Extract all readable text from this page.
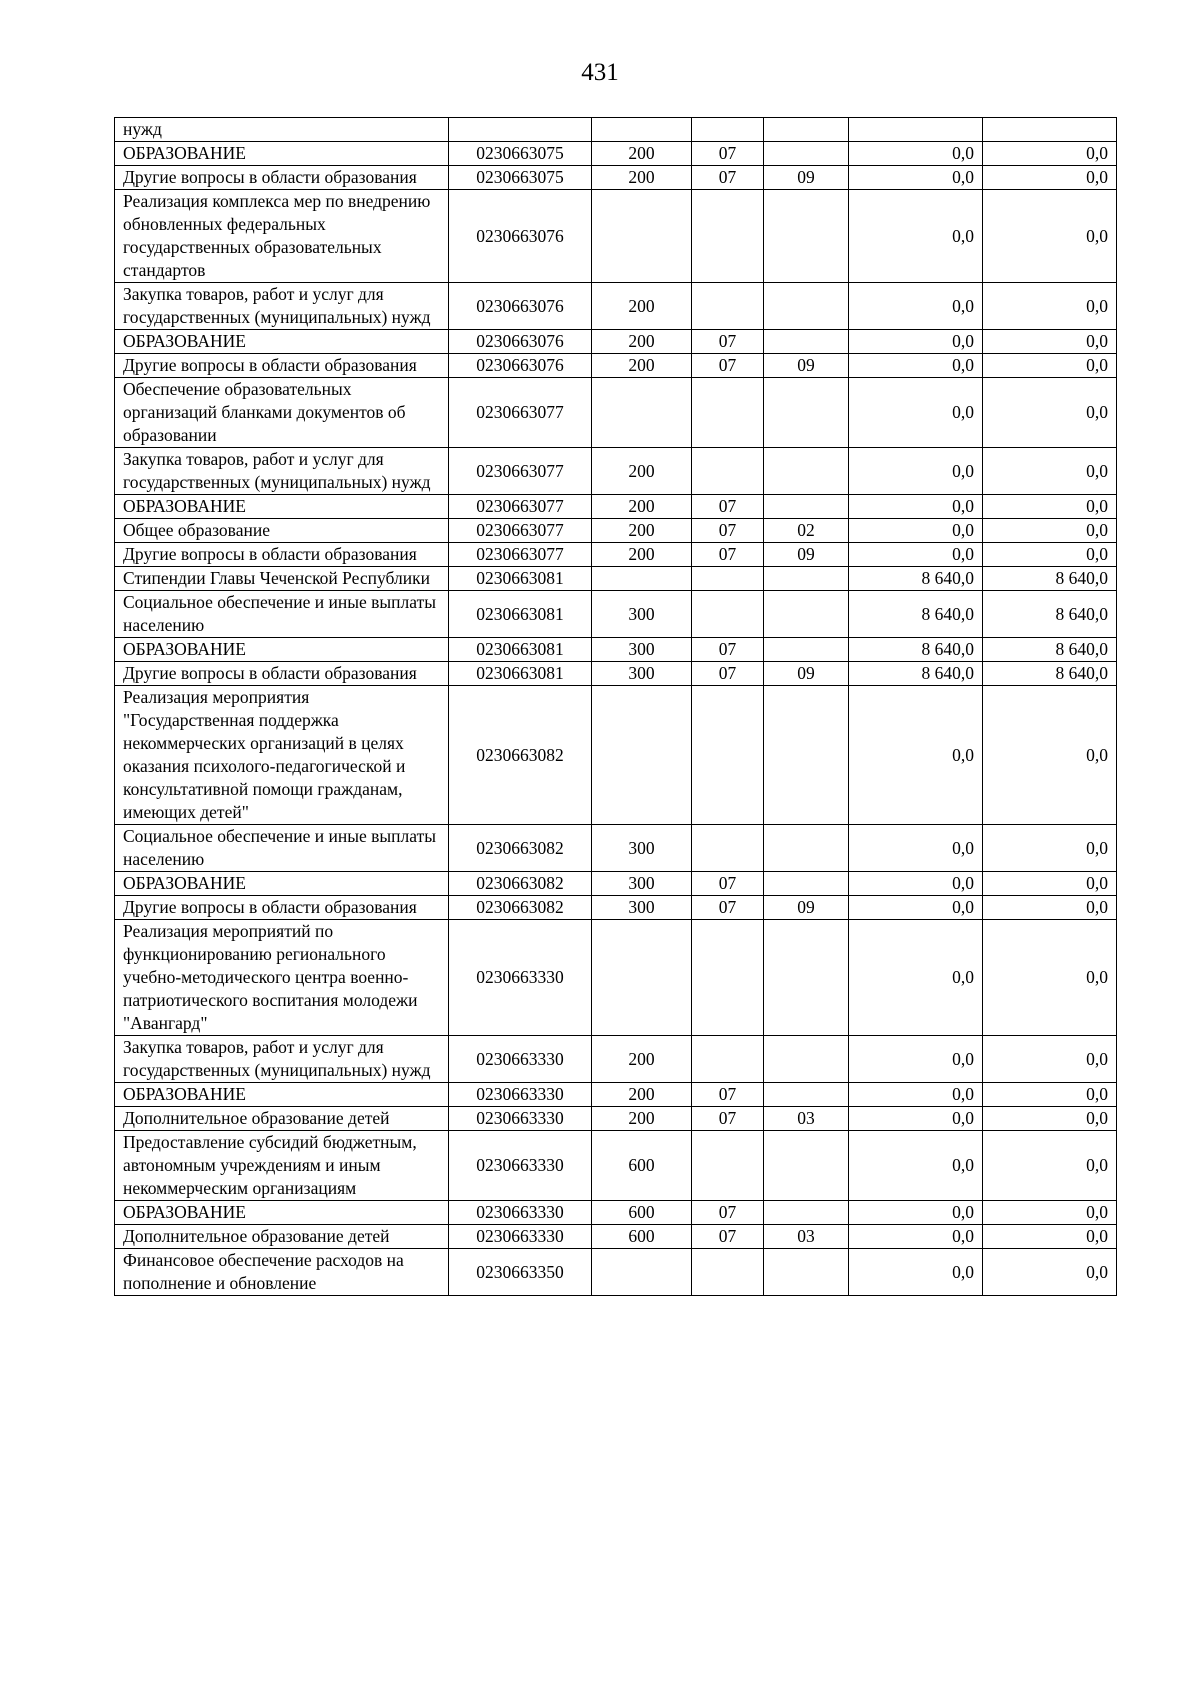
431
нужд						
ОБРАЗОВАНИЕ	0230663075	200	07		0,0	0,0
Другие вопросы в области образования	0230663075	200	07	09	0,0	0,0
Реализация комплекса мер по внедрению обновленных федеральных государственных образовательных стандартов	0230663076				0,0	0,0
Закупка товаров, работ и услуг для государственных (муниципальных) нужд	0230663076	200			0,0	0,0
ОБРАЗОВАНИЕ	0230663076	200	07		0,0	0,0
Другие вопросы в области образования	0230663076	200	07	09	0,0	0,0
Обеспечение образовательных организаций бланками документов об образовании	0230663077				0,0	0,0
Закупка товаров, работ и услуг для государственных (муниципальных) нужд	0230663077	200			0,0	0,0
ОБРАЗОВАНИЕ	0230663077	200	07		0,0	0,0
Общее образование	0230663077	200	07	02	0,0	0,0
Другие вопросы в области образования	0230663077	200	07	09	0,0	0,0
Стипендии Главы Чеченской Республики	0230663081				8 640,0	8 640,0
Социальное обеспечение и иные выплаты населению	0230663081	300			8 640,0	8 640,0
ОБРАЗОВАНИЕ	0230663081	300	07		8 640,0	8 640,0
Другие вопросы в области образования	0230663081	300	07	09	8 640,0	8 640,0
Реализация мероприятия "Государственная поддержка некоммерческих организаций в целях оказания психолого-педагогической и консультативной помощи гражданам, имеющих детей"	0230663082				0,0	0,0
Социальное обеспечение и иные выплаты населению	0230663082	300			0,0	0,0
ОБРАЗОВАНИЕ	0230663082	300	07		0,0	0,0
Другие вопросы в области образования	0230663082	300	07	09	0,0	0,0
Реализация мероприятий по функционированию регионального учебно-методического центра военно-патриотического воспитания молодежи "Авангард"	0230663330				0,0	0,0
Закупка товаров, работ и услуг для государственных (муниципальных) нужд	0230663330	200			0,0	0,0
ОБРАЗОВАНИЕ	0230663330	200	07		0,0	0,0
Дополнительное образование детей	0230663330	200	07	03	0,0	0,0
Предоставление субсидий бюджетным, автономным учреждениям и иным некоммерческим организациям	0230663330	600			0,0	0,0
ОБРАЗОВАНИЕ	0230663330	600	07		0,0	0,0
Дополнительное образование детей	0230663330	600	07	03	0,0	0,0
Финансовое обеспечение расходов на пополнение и обновление	0230663350				0,0	0,0
